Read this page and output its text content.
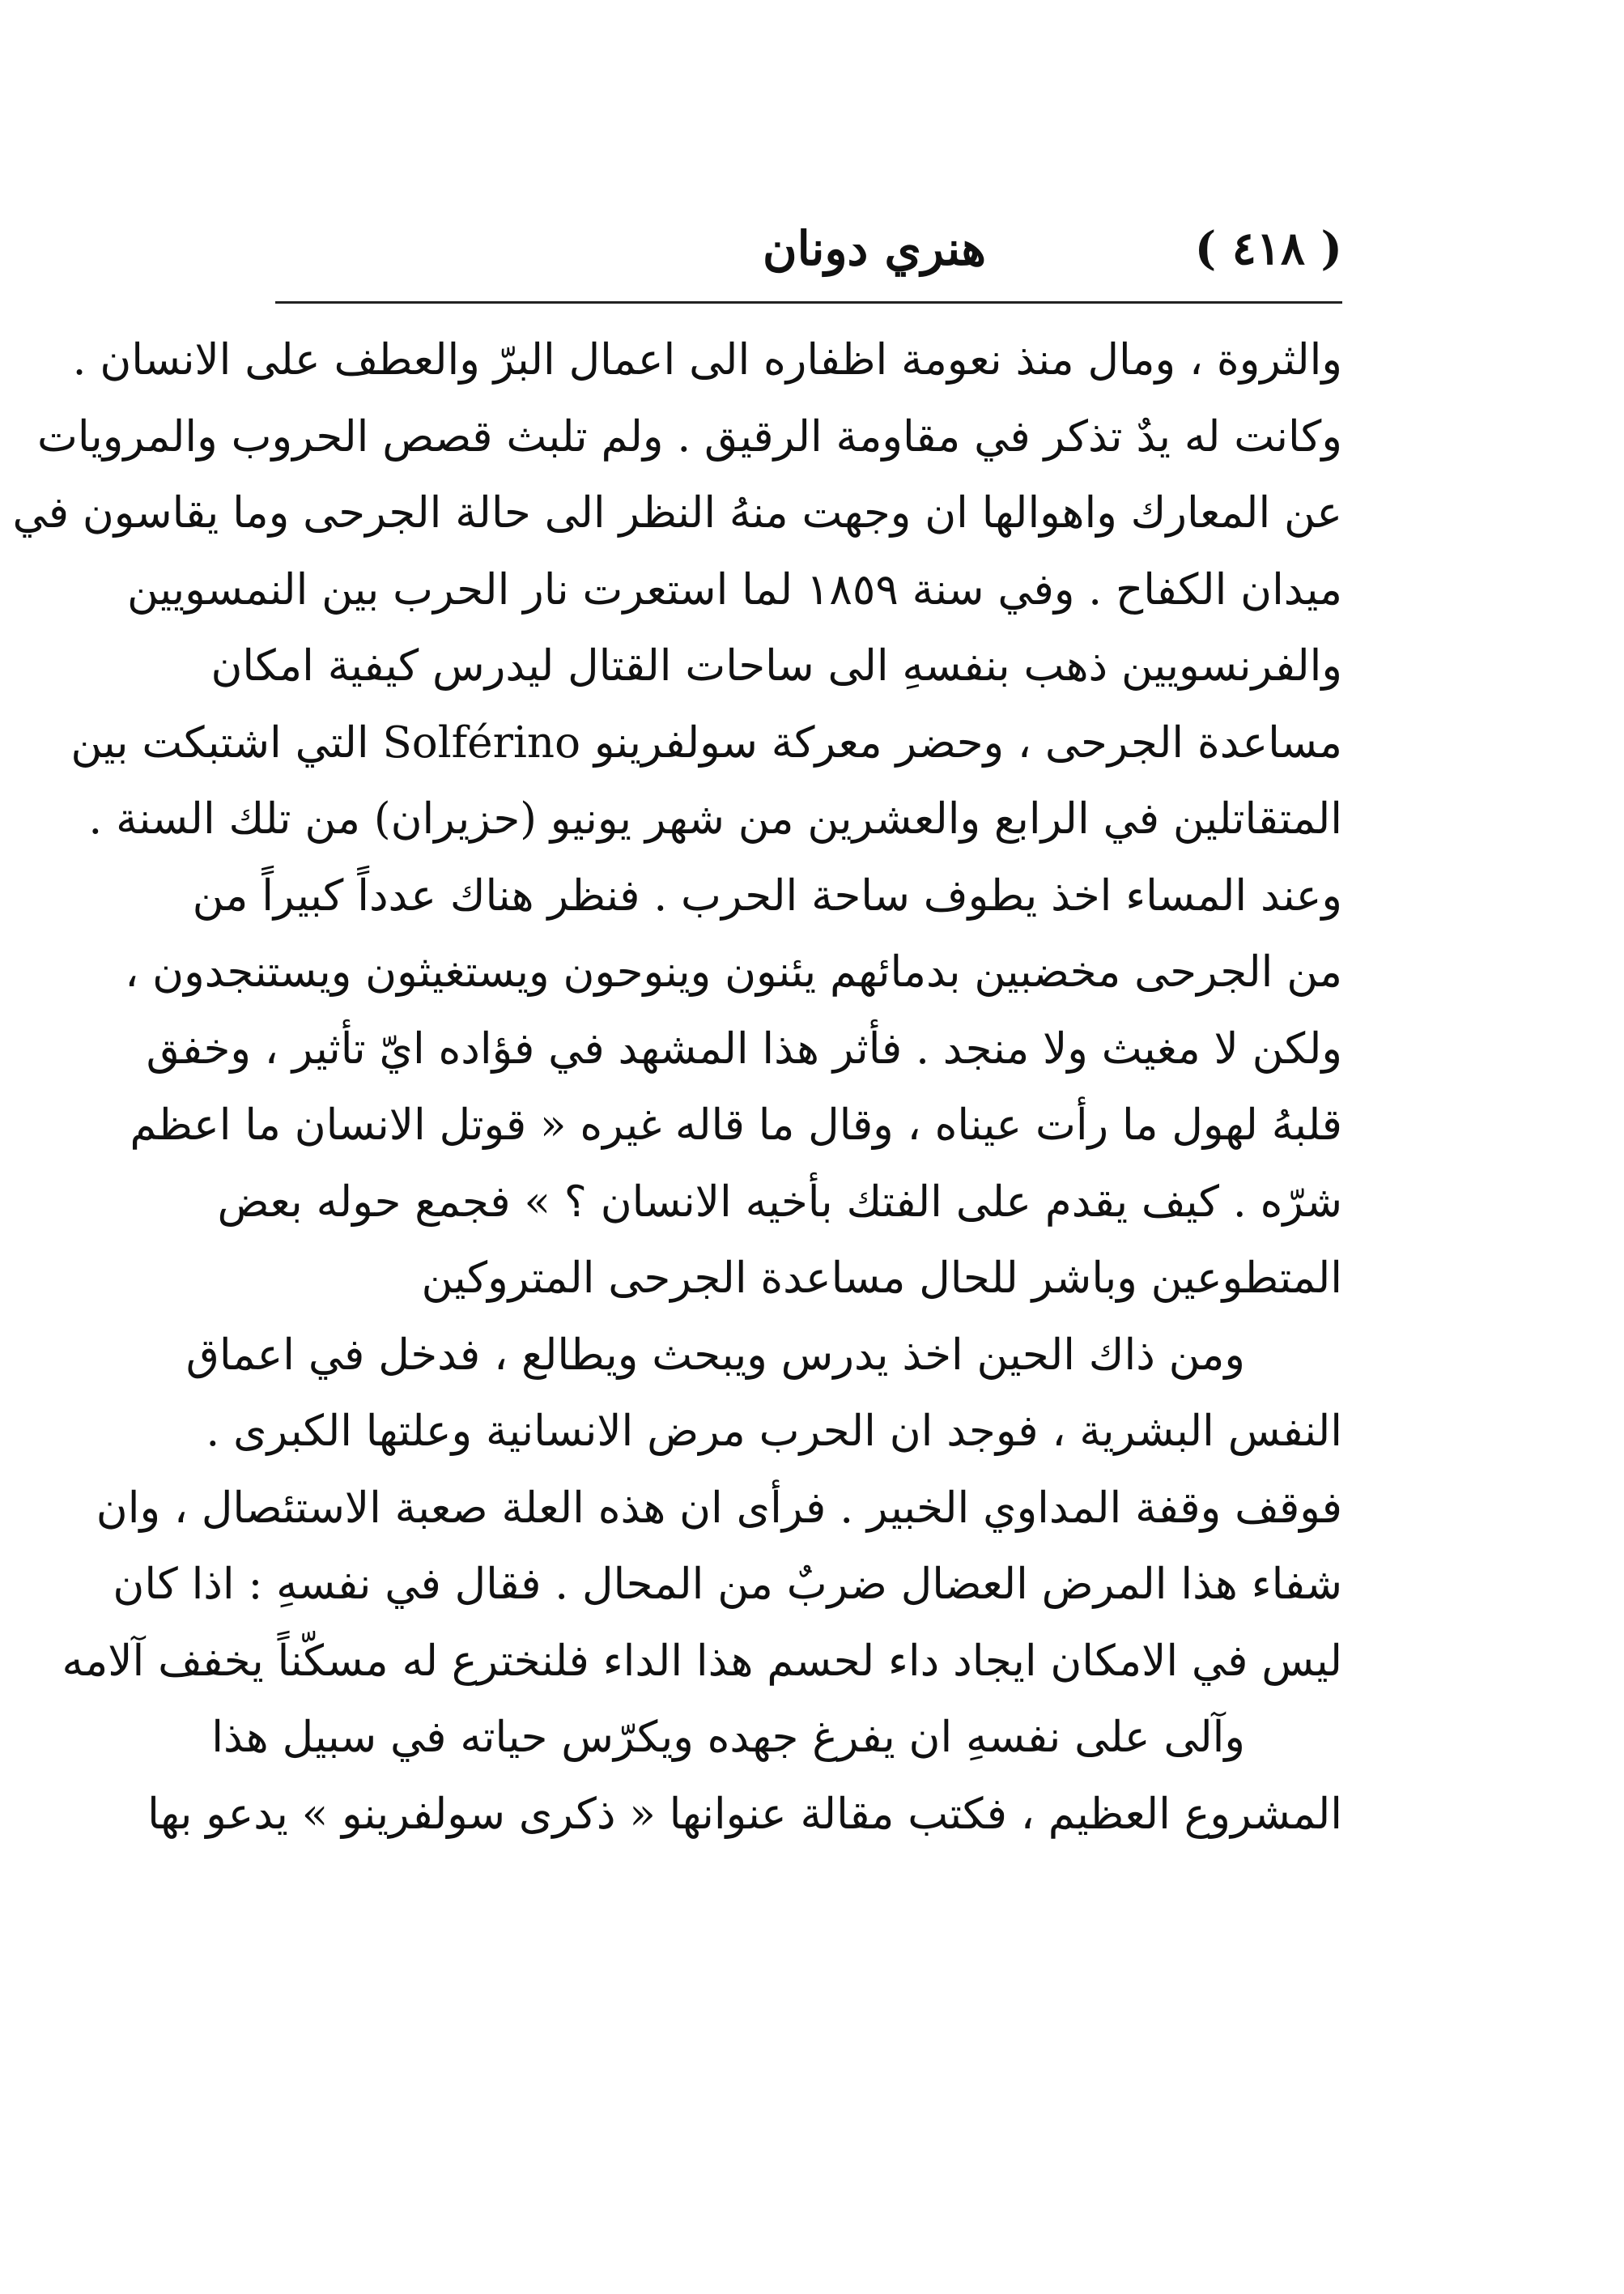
( ٤١٨ )
هنري دونان
والثروة ، ومال منذ نعومة اظفاره الى اعمال البرّ والعطف على الانسان .
وكانت له يدٌ تذكر في مقاومة الرقيق . ولم تلبث قصص الحروب والمرويات
عن المعارك واهوالها ان وجهت منهُ النظر الى حالة الجرحى وما يقاسون في
ميدان الكفاح . وفي سنة ١٨٥٩ لما استعرت نار الحرب بين النمسويين
والفرنسويين ذهب بنفسهِ الى ساحات القتال ليدرس كيفية امكان
مساعدة الجرحى ، وحضر معركة سولفرينو Solférino التي اشتبكت بين
المتقاتلين في الرابع والعشرين من شهر يونيو (حزيران) من تلك السنة .
وعند المساء اخذ يطوف ساحة الحرب . فنظر هناك عدداً كبيراً من
من الجرحى مخضبين بدمائهم يئنون وينوحون ويستغيثون ويستنجدون ،
ولكن لا مغيث ولا منجد . فأثر هذا المشهد في فؤاده ايّ تأثير ، وخفق
قلبهُ لهول ما رأت عيناه ، وقال ما قاله غيره « قوتل الانسان ما اعظم
شرّه . كيف يقدم على الفتك بأخيه الانسان ؟ » فجمع حوله بعض
المتطوعين وباشر للحال مساعدة الجرحى المتروكين
ومن ذاك الحين اخذ يدرس ويبحث ويطالع ، فدخل في اعماق
النفس البشرية ، فوجد ان الحرب مرض الانسانية وعلتها الكبرى .
فوقف وقفة المداوي الخبير . فرأى ان هذه العلة صعبة الاستئصال ، وان
شفاء هذا المرض العضال ضربٌ من المحال . فقال في نفسهِ : اذا كان
ليس في الامكان ايجاد داء لحسم هذا الداء فلنخترع له مسكّناً يخفف آلامه
وآلى على نفسهِ ان يفرغ جهده ويكرّس حياته في سبيل هذا
المشروع العظيم ، فكتب مقالة عنوانها « ذكرى سولفرينو » يدعو بها
